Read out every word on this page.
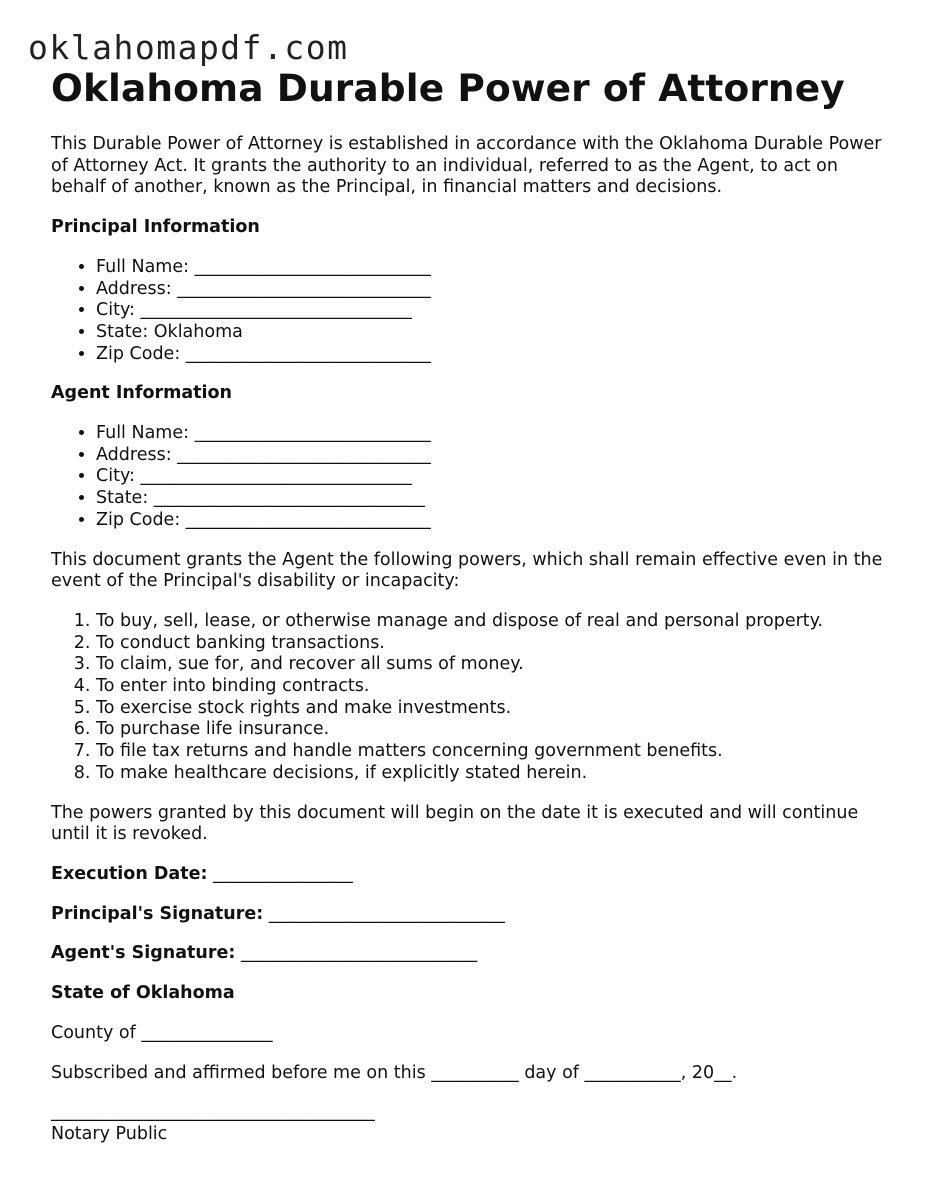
oklahomapdf.com
Oklahoma Durable Power of Attorney

This Durable Power of Attorney is established in accordance with the Oklahoma Durable Power of Attorney Act. It grants the authority to an individual, referred to as the Agent, to act on behalf of another, known as the Principal, in financial matters and decisions.

Principal Information
• Full Name: ___________________________
• Address: _____________________________
• City: _______________________________
• State: Oklahoma
• Zip Code: ____________________________
Agent Information
• Full Name: ___________________________
• Address: _____________________________
• City: _______________________________
• State: _______________________________
• Zip Code: ____________________________

This document grants the Agent the following powers, which shall remain effective even in the event of the Principal's disability or incapacity:

1. To buy, sell, lease, or otherwise manage and dispose of real and personal property.
2. To conduct banking transactions.
3. To claim, sue for, and recover all sums of money.
4. To enter into binding contracts.
5. To exercise stock rights and make investments.
6. To purchase life insurance.
7. To file tax returns and handle matters concerning government benefits.
8. To make healthcare decisions, if explicitly stated herein.

The powers granted by this document will begin on the date it is executed and will continue until it is revoked.

Execution Date: ________________
Principal's Signature: ___________________________
Agent's Signature: ___________________________
State of Oklahoma

County of _______________

Subscribed and affirmed before me on this __________ day of ___________, 20__.

_____________________________________

Notary Public
